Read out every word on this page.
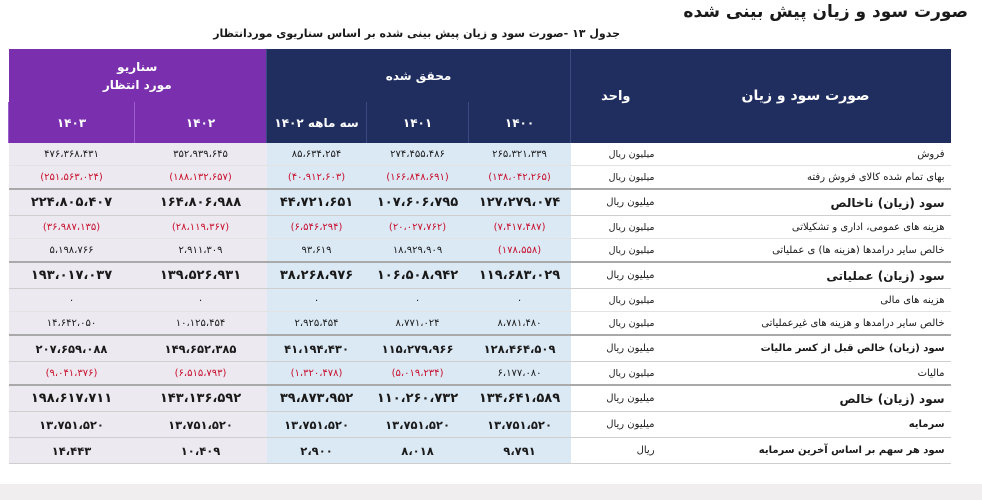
صورت سود و زیان پیش بینی شده
جدول ۱۳ -صورت سود و زیان پیش بینی شده بر اساس سناریوی موردانتظار
صورت سود و زیان	واحد	محقق شده			سناریو
مورد انتظار	

		۱۴۰۰	۱۴۰۱	سه ماهه ۱۴۰۲	۱۴۰۲	۱۴۰۳
فروش	میلیون ریال	۲۶۵،۳۲۱،۳۳۹	۲۷۴،۴۵۵،۴۸۶	۸۵،۶۳۴،۲۵۴	۳۵۲،۹۳۹،۶۴۵	۴۷۶،۳۶۸،۴۳۱
بهای تمام شده کالای فروش رفته	میلیون ریال	(۱۳۸،۰۴۲،۲۶۵)	(۱۶۶،۸۴۸،۶۹۱)	(۴۰،۹۱۲،۶۰۳)	(۱۸۸،۱۳۲،۶۵۷)	(۲۵۱،۵۶۳،۰۲۴)
سود (زیان) ناخالص	میلیون ریال	۱۲۷،۲۷۹،۰۷۴	۱۰۷،۶۰۶،۷۹۵	۴۴،۷۲۱،۶۵۱	۱۶۴،۸۰۶،۹۸۸	۲۲۴،۸۰۵،۴۰۷
هزینه های عمومی، اداری و تشکیلاتی	میلیون ریال	(۷،۴۱۷،۴۸۷)	(۲۰،۰۲۷،۷۶۲)	(۶،۵۴۶،۲۹۴)	(۲۸،۱۱۹،۳۶۷)	(۳۶،۹۸۷،۱۳۵)
خالص سایر درامدها (هزینه ها) ی عملیاتی	میلیون ریال	(۱۷۸،۵۵۸)	۱۸،۹۲۹،۹۰۹	۹۳،۶۱۹	۲،۹۱۱،۳۰۹	۵،۱۹۸،۷۶۶
سود (زیان) عملیاتی	میلیون ریال	۱۱۹،۶۸۳،۰۲۹	۱۰۶،۵۰۸،۹۴۲	۳۸،۲۶۸،۹۷۶	۱۳۹،۵۲۶،۹۳۱	۱۹۳،۰۱۷،۰۳۷
هزینه های مالی	میلیون ریال	۰	۰	۰	۰	۰
خالص سایر درامدها و هزینه های غیرعملیاتی	میلیون ریال	۸،۷۸۱،۴۸۰	۸،۷۷۱،۰۲۴	۲،۹۲۵،۴۵۴	۱۰،۱۲۵،۴۵۴	۱۴،۶۴۲،۰۵۰
سود (زیان) خالص قبل از کسر مالیات	میلیون ریال	۱۲۸،۴۶۴،۵۰۹	۱۱۵،۲۷۹،۹۶۶	۴۱،۱۹۴،۴۳۰	۱۴۹،۶۵۲،۳۸۵	۲۰۷،۶۵۹،۰۸۸
مالیات	میلیون ریال	۶،۱۷۷،۰۸۰	(۵،۰۱۹،۲۳۴)	(۱،۳۲۰،۴۷۸)	(۶،۵۱۵،۷۹۳)	(۹،۰۴۱،۳۷۶)
سود (زیان) خالص	میلیون ریال	۱۳۴،۶۴۱،۵۸۹	۱۱۰،۲۶۰،۷۳۲	۳۹،۸۷۳،۹۵۲	۱۴۳،۱۳۶،۵۹۲	۱۹۸،۶۱۷،۷۱۱
سرمایه	میلیون ریال	۱۳،۷۵۱،۵۲۰	۱۳،۷۵۱،۵۲۰	۱۳،۷۵۱،۵۲۰	۱۳،۷۵۱،۵۲۰	۱۳،۷۵۱،۵۲۰
سود هر سهم بر اساس آخرین سرمایه	ریال	۹،۷۹۱	۸،۰۱۸	۲،۹۰۰	۱۰،۴۰۹	۱۴،۴۴۳
